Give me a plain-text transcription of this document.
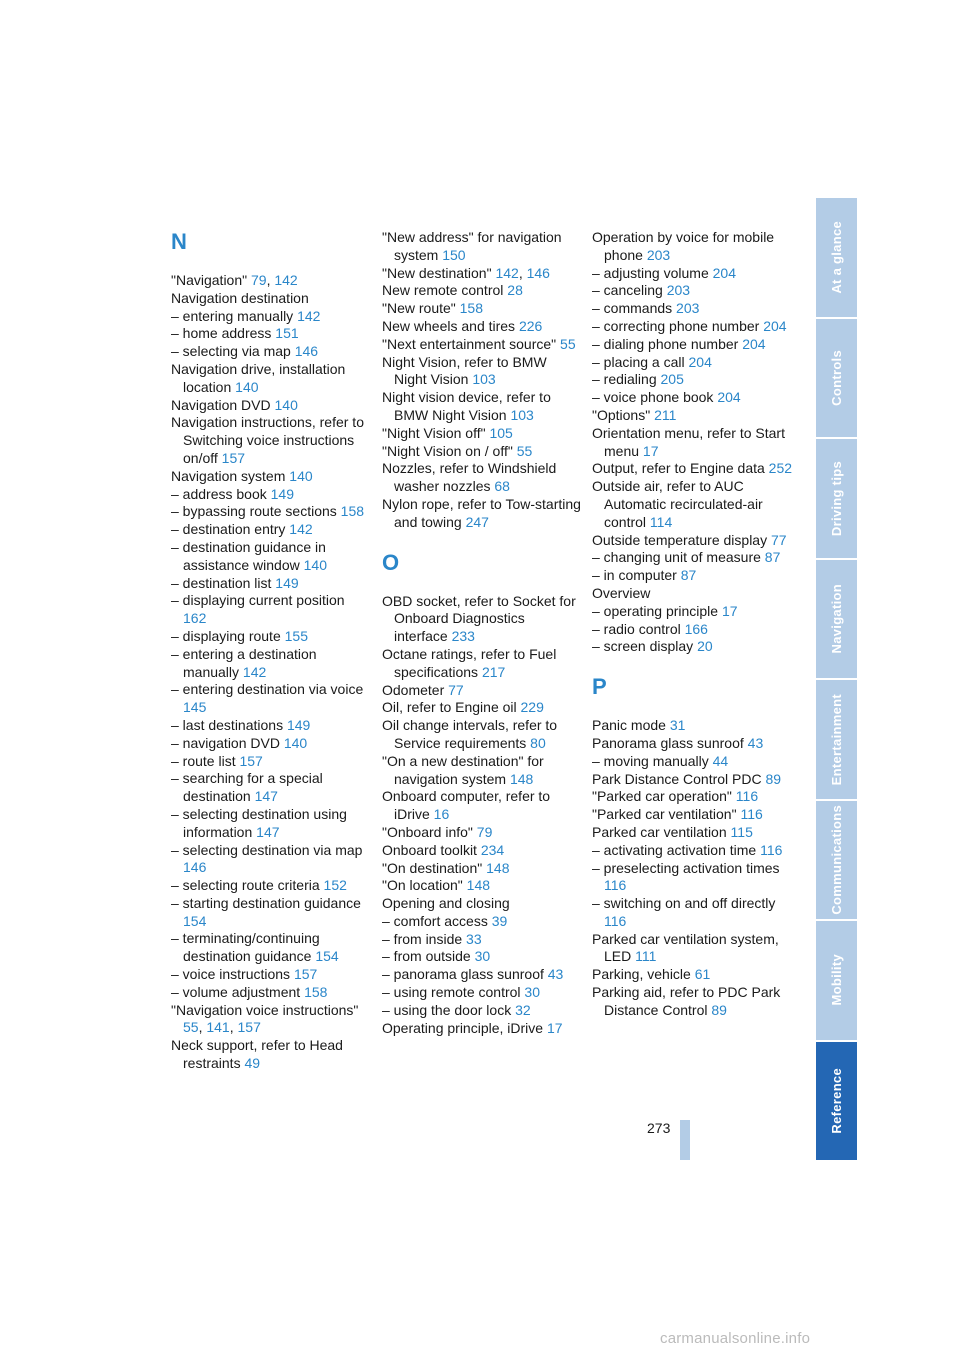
N
"Navigation" 79, 142
Navigation destination
– entering manually 142
– home address 151
– selecting via map 146
Navigation drive, installation location 140
Navigation DVD 140
Navigation instructions, refer to Switching voice instructions on/off 157
Navigation system 140
– address book 149
– bypassing route sections 158
– destination entry 142
– destination guidance in assistance window 140
– destination list 149
– displaying current position 162
– displaying route 155
– entering a destination manually 142
– entering destination via voice 145
– last destinations 149
– navigation DVD 140
– route list 157
– searching for a special destination 147
– selecting destination using information 147
– selecting destination via map 146
– selecting route criteria 152
– starting destination guidance 154
– terminating/continuing destination guidance 154
– voice instructions 157
– volume adjustment 158
"Navigation voice instructions" 55, 141, 157
Neck support, refer to Head restraints 49
"New address" for navigation system 150
"New destination" 142, 146
New remote control 28
"New route" 158
New wheels and tires 226
"Next entertainment source" 55
Night Vision, refer to BMW Night Vision 103
Night vision device, refer to BMW Night Vision 103
"Night Vision off" 105
"Night Vision on / off" 55
Nozzles, refer to Windshield washer nozzles 68
Nylon rope, refer to Tow-starting and towing 247
O
OBD socket, refer to Socket for Onboard Diagnostics interface 233
Octane ratings, refer to Fuel specifications 217
Odometer 77
Oil, refer to Engine oil 229
Oil change intervals, refer to Service requirements 80
"On a new destination" for navigation system 148
Onboard computer, refer to iDrive 16
"Onboard info" 79
Onboard toolkit 234
"On destination" 148
"On location" 148
Opening and closing
– comfort access 39
– from inside 33
– from outside 30
– panorama glass sunroof 43
– using remote control 30
– using the door lock 32
Operating principle, iDrive 17
Operation by voice for mobile phone 203
– adjusting volume 204
– canceling 203
– commands 203
– correcting phone number 204
– dialing phone number 204
– placing a call 204
– redialing 205
– voice phone book 204
"Options" 211
Orientation menu, refer to Start menu 17
Output, refer to Engine data 252
Outside air, refer to AUC Automatic recirculated-air control 114
Outside temperature display 77
– changing unit of measure 87
– in computer 87
Overview
– operating principle 17
– radio control 166
– screen display 20
P
Panic mode 31
Panorama glass sunroof 43
– moving manually 44
Park Distance Control PDC 89
"Parked car operation" 116
"Parked car ventilation" 116
Parked car ventilation 115
– activating activation time 116
– preselecting activation times 116
– switching on and off directly 116
Parked car ventilation system, LED 111
Parking, vehicle 61
Parking aid, refer to PDC Park Distance Control 89
At a glance
Controls
Driving tips
Navigation
Entertainment
Communications
Mobility
Reference
273
carmanualsonline.info
